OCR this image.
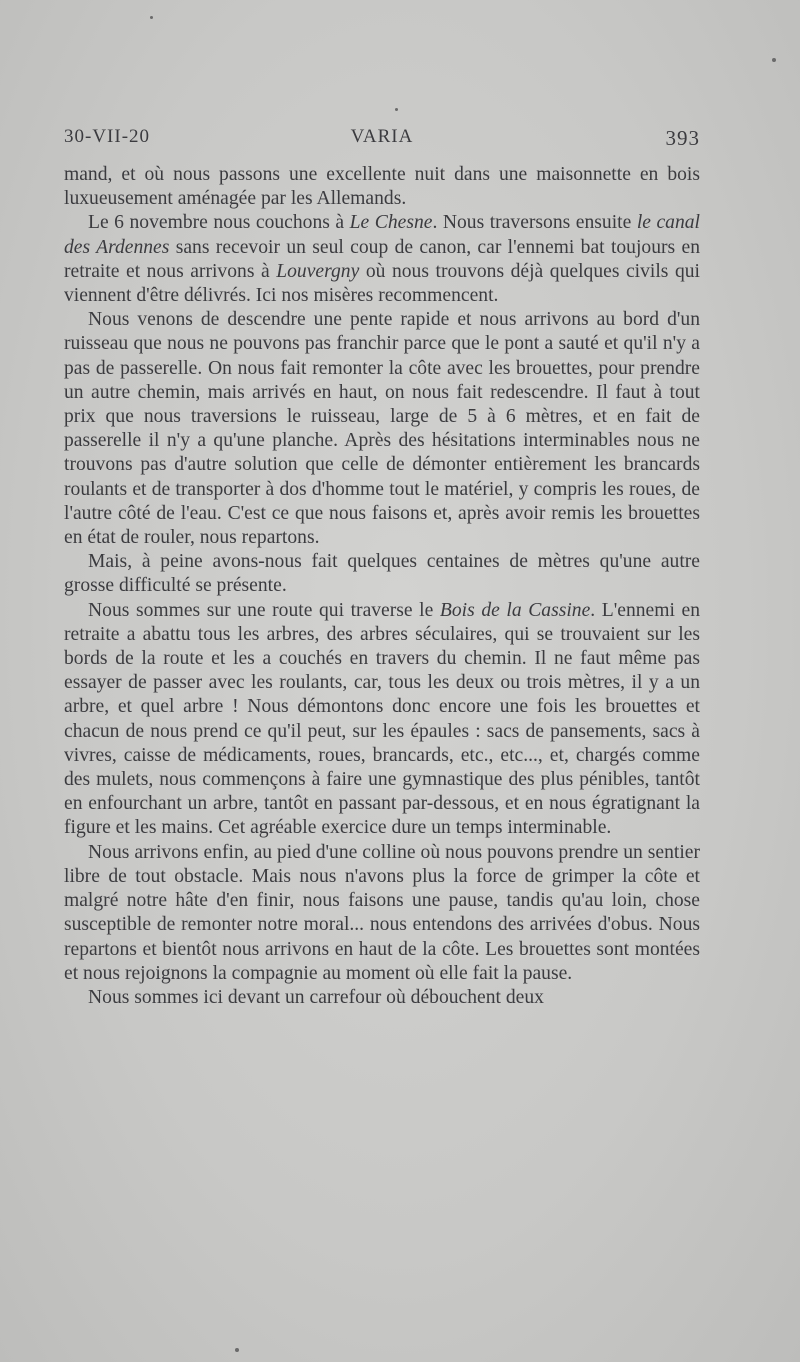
30-VII-20	VARIA	393

mand, et où nous passons une excellente nuit dans une maisonnette en bois luxueusement aménagée par les Allemands.

Le 6 novembre nous couchons à Le Chesne. Nous traversons ensuite le canal des Ardennes sans recevoir un seul coup de canon, car l'ennemi bat toujours en retraite et nous arrivons à Louvergny où nous trouvons déjà quelques civils qui viennent d'être délivrés. Ici nos misères recommencent.

Nous venons de descendre une pente rapide et nous arrivons au bord d'un ruisseau que nous ne pouvons pas franchir parce que le pont a sauté et qu'il n'y a pas de passerelle. On nous fait remonter la côte avec les brouettes, pour prendre un autre chemin, mais arrivés en haut, on nous fait redescendre. Il faut à tout prix que nous traversions le ruisseau, large de 5 à 6 mètres, et en fait de passerelle il n'y a qu'une planche. Après des hésitations interminables nous ne trouvons pas d'autre solution que celle de démonter entièrement les brancards roulants et de transporter à dos d'homme tout le matériel, y compris les roues, de l'autre côté de l'eau. C'est ce que nous faisons et, après avoir remis les brouettes en état de rouler, nous repartons.

Mais, à peine avons-nous fait quelques centaines de mètres qu'une autre grosse difficulté se présente.

Nous sommes sur une route qui traverse le Bois de la Cassine. L'ennemi en retraite a abattu tous les arbres, des arbres séculaires, qui se trouvaient sur les bords de la route et les a couchés en travers du chemin. Il ne faut même pas essayer de passer avec les roulants, car, tous les deux ou trois mètres, il y a un arbre, et quel arbre ! Nous démontons donc encore une fois les brouettes et chacun de nous prend ce qu'il peut, sur les épaules : sacs de pansements, sacs à vivres, caisse de médicaments, roues, brancards, etc., etc..., et, chargés comme des mulets, nous commençons à faire une gymnastique des plus pénibles, tantôt en enfourchant un arbre, tantôt en passant par-dessous, et en nous égratignant la figure et les mains. Cet agréable exercice dure un temps interminable.

Nous arrivons enfin, au pied d'une colline où nous pouvons prendre un sentier libre de tout obstacle. Mais nous n'avons plus la force de grimper la côte et malgré notre hâte d'en finir, nous faisons une pause, tandis qu'au loin, chose susceptible de remonter notre moral... nous entendons des arrivées d'obus. Nous repartons et bientôt nous arrivons en haut de la côte. Les brouettes sont montées et nous rejoignons la compagnie au moment où elle fait la pause.

Nous sommes ici devant un carrefour où débouchent deux
